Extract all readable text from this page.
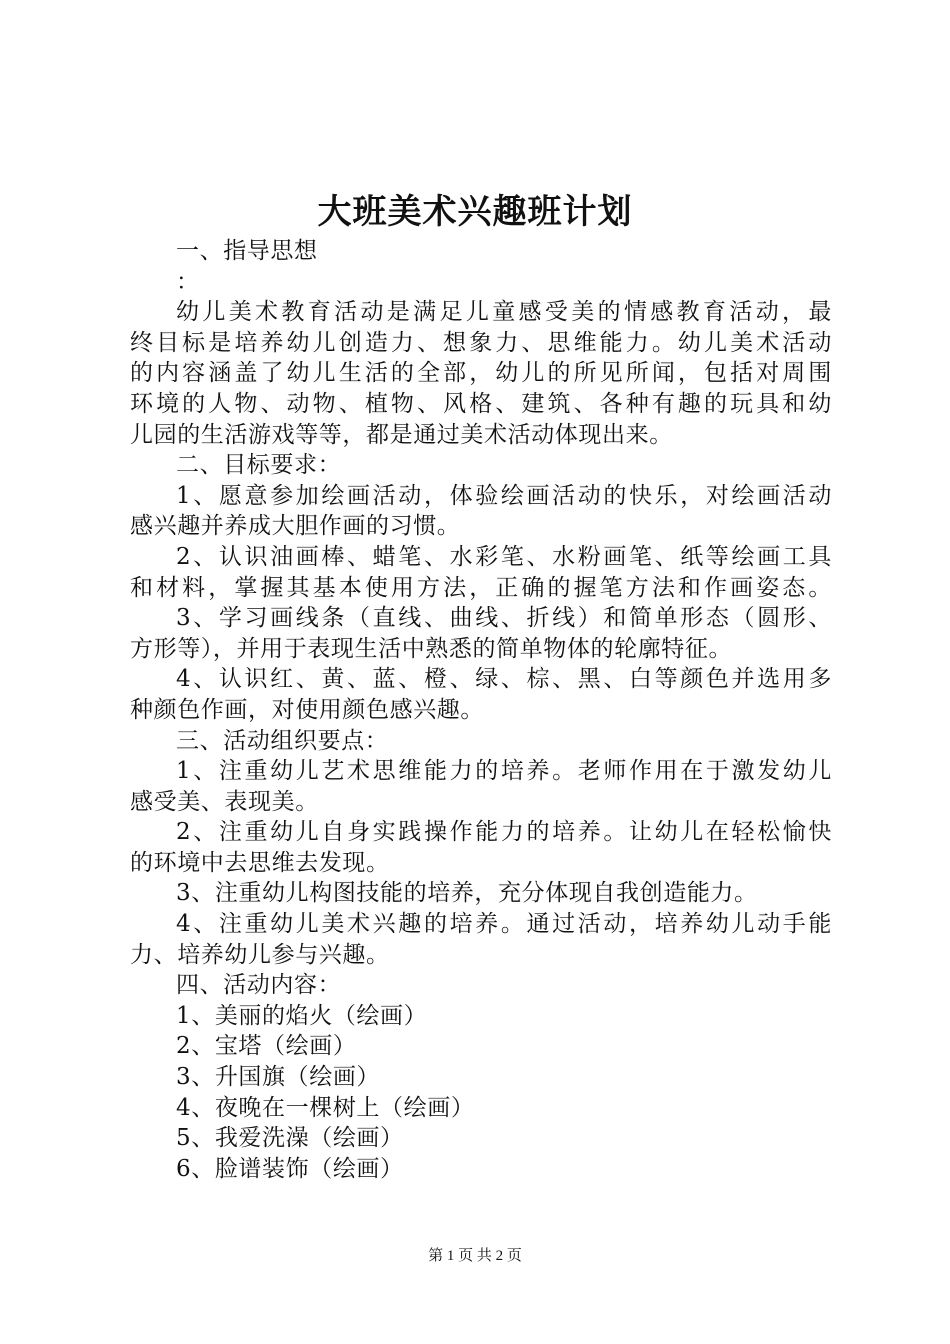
大班美术兴趣班计划
一、指导思想
：
幼儿美术教育活动是满足儿童感受美的情感教育活动，最
终目标是培养幼儿创造力、想象力、思维能力。幼儿美术活动
的内容涵盖了幼儿生活的全部，幼儿的所见所闻，包括对周围
环境的人物、动物、植物、风格、建筑、各种有趣的玩具和幼
儿园的生活游戏等等，都是通过美术活动体现出来。
二、目标要求：
1、愿意参加绘画活动，体验绘画活动的快乐，对绘画活动
感兴趣并养成大胆作画的习惯。
2、认识油画棒、蜡笔、水彩笔、水粉画笔、纸等绘画工具
和材料，掌握其基本使用方法，正确的握笔方法和作画姿态。
3、学习画线条（直线、曲线、折线）和简单形态（圆形、
方形等），并用于表现生活中熟悉的简单物体的轮廓特征。
4、认识红、黄、蓝、橙、绿、棕、黑、白等颜色并选用多
种颜色作画，对使用颜色感兴趣。
三、活动组织要点：
1、注重幼儿艺术思维能力的培养。老师作用在于激发幼儿
感受美、表现美。
2、注重幼儿自身实践操作能力的培养。让幼儿在轻松愉快
的环境中去思维去发现。
3、注重幼儿构图技能的培养，充分体现自我创造能力。
4、注重幼儿美术兴趣的培养。通过活动，培养幼儿动手能
力、培养幼儿参与兴趣。
四、活动内容：
1、美丽的焰火（绘画）
2、宝塔（绘画）
3、升国旗（绘画）
4、夜晚在一棵树上（绘画）
5、我爱洗澡（绘画）
6、脸谱装饰（绘画）
第 1 页 共 2 页
